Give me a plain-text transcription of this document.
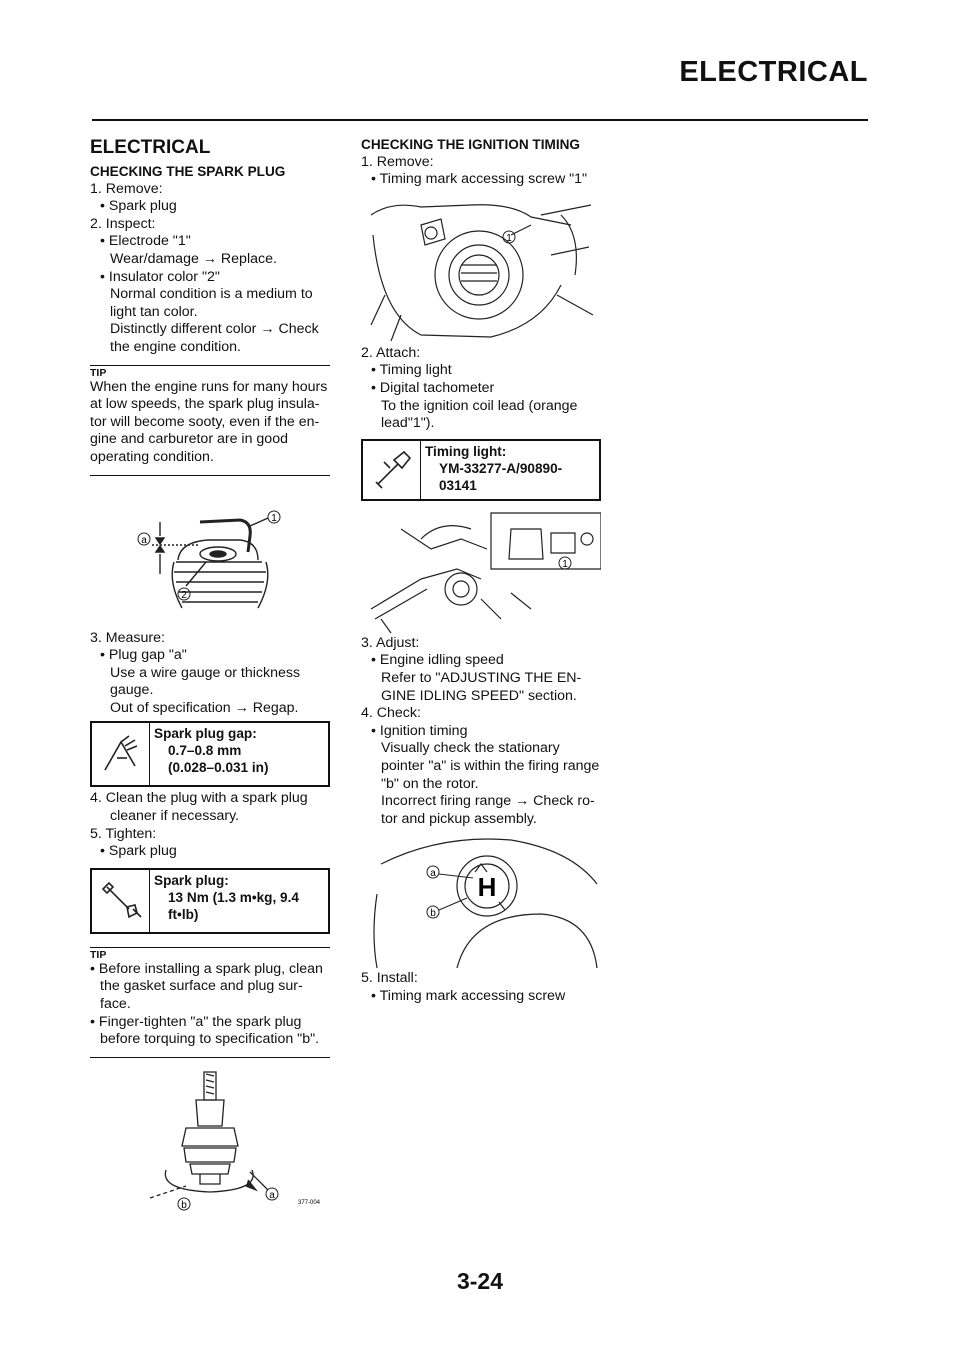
ELECTRICAL
ELECTRICAL
CHECKING THE SPARK PLUG
1. Remove:
• Spark plug
2. Inspect:
• Electrode "1"
Wear/damage → Replace.
• Insulator color "2"
Normal condition is a medium to light tan color.
Distinctly different color → Check the engine condition.
TIP
When the engine runs for many hours at low speeds, the spark plug insula-tor will become sooty, even if the en-gine and carburetor are in good operating condition.
a
1
2
3. Measure:
• Plug gap "a"
Use a wire gauge or thickness gauge.
Out of specification → Regap.
Spark plug gap:
0.7–0.8 mm
(0.028–0.031 in)
4. Clean the plug with a spark plug
cleaner if necessary.
5. Tighten:
• Spark plug
Spark plug:
13 Nm (1.3 m•kg, 9.4
ft•lb)
TIP
• Before installing a spark plug, clean the gasket surface and plug sur-face.
• Finger-tighten "a" the spark plug before torquing to specification "b".
a
b	377-004
CHECKING THE IGNITION TIMING
1. Remove:
• Timing mark accessing screw "1"
1
2. Attach:
• Timing light
• Digital tachometer
To the ignition coil lead (orange lead"1").
Timing light:
YM-33277-A/90890-
03141
1
3. Adjust:
• Engine idling speed
Refer to "ADJUSTING THE EN-GINE IDLING SPEED" section.
4. Check:
• Ignition timing
Visually check the stationary pointer "a" is within the firing range "b" on the rotor.
Incorrect firing range → Check ro-tor and pickup assembly.
H
a
b
5. Install:
• Timing mark accessing screw
3-24
